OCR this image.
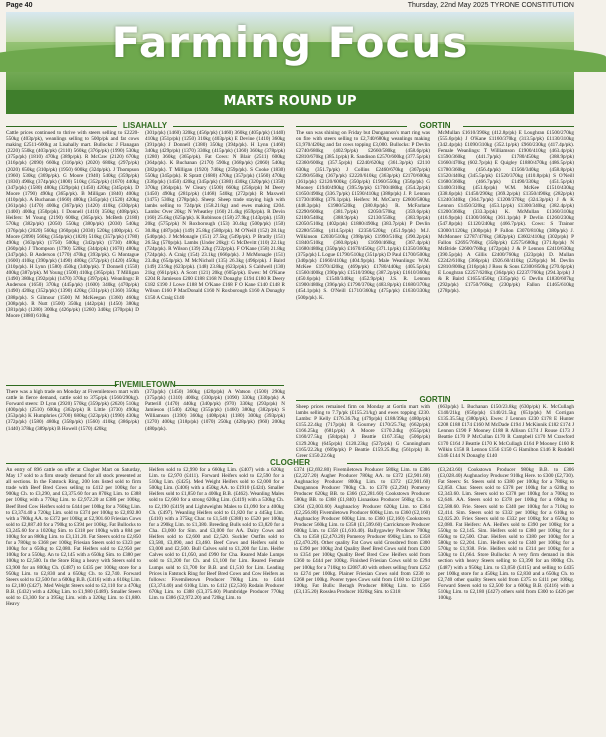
Page 40	Thursday, 22nd May 2025 TYRONE CONSTITUTION
Farming Focus
MARTS ROUND UP
LISAHALLY

Cattle prices continued to thrive with steers selling to £2220-550kg (403p/pk), weanlings selling to 500p/pk and fat cows making £2511-600kg at Lisahally mart. Bullocks: J Flanagan (2220) 550kg (403p/pk) (2110) 560kg (376p/pk) (1990) 530kg (375p/pk) (1810) 470kg (389p/pk). R McCaw (2120) 670kg (316p/pk) (2090) 660kg (316p/pk) (2020) 680kg (297p/pk) (2020) 650kg (310p/pk) (1950) 600kg (324p/pk). J Thompson (1960) 530kg (369p/pk). G Moore (1940) 540kg (359p/pk) (1830) 490kg (374p/pk) (1800) 510kg (352p/pk) (1670) 440kg (347p/pk) (1580) 480kg (329p/pk) (1450) 420kg (345p/pk). D Moore (1790) 490kg (365p/pk). B Milligan (1840) 400kg (410p/pk). A Buchanan (1660) 480kg (345p/pk) (1520) 420kg (361p/pk) (1470) 400kg (367p/pk) (1420) 410kg (330p/pk) (1400) 400kg (350p/pk). I Donnell (1410) 350kg (408p/pk). Heifers: M Young (2190) 600kg (365p/pk). McBeth (2180) 570kg (382p/pk) (2050) 550kg (380p/pk) (2030) 540kg (376p/pk) (2020) 560kg (360p/pk) (2030) 520kg (400p/pk). G Moore (2090) 560kg (354p/pk) (1820) 510kg (357p/pk) (1780) 490kg (363p/pk) (1750) 500kg (342p/pk) (1730) 480kg (360p/pk) J Thompson (1790) 520kg (344p/pk) (1670) 480kg (347p/pk). B Anderson (1770) 470kg (393p/pk). G Montague (1600) 410kg (390p/pk) (1490) 480kg (372p/pk) (1420) 450kg (310p/pk). H Lynn (1580) 450kg (340p/pk). T Donnell (1550) 400kg (387p/pk). M Young (1500) 410kg (365p/pk). T Milligan (1490) 380kg (392p/pk) (1470) 370kg (397p/pk). Weanlings: B Anderson (1650) 370kg (445p/pk) (1600) 340kg (470p/pk) (1490) 420kg (352p/pk) (1390) 420kg (331p/pk) (1360) 350kg (388p/pk). S Gilmour (1500) M McKeegan (1360) 460kg (308p/pk). R Nutt (1500) 350kg (442p/pk) (1450) 380kg (381p/pk) (1280) 300kg (426p/pk) (1260) 340kg (370p/pk) D Moore (1880) 610kg

(301p/pk) (1460) 320kg (456p/pk) (1460) 360kg (405p/pk) (1440) 410kg (351p/pk) (1250) 310kg (403p/pk) E Devine (1410) 360kg (391p/pk) J Donnell (1380) 350kg (394p/pk). H Lynn (1460) 340kg (429p/pk) (1370) 330kg (415p/pk) (1360) 360kg (378p/pk) (1280) 360kg (365p/pk). Fat Cows: N Blair (2511) 600kg (364p/pk). K Buchanan (2170) 590kg (368p/pk) (2060) 540kg (382p/pk). T Milligan (1920) 740kg (259p/pk). S Cooke (1830) 550kg (345p/pk). R Spratt (1680) 470kg (357p/pk) (1560) 470kg (336p/pk) (1450) 420kg (345p/pk) (1380) 430kg (320p/pk) (1350) 370kg (364p/pk). W Cleary (1500) 660kg (256p/pk) M Deery (1450) 490kg (281p/pk) (1468) 540kg (272p/pk) R Maxwell (1475) 530kg (278p/pk). Sheep: Sheep trade staying high with lambs selling to 724p/pk (158.21/kg) and ewes making £204. Lambs: Over 20kg: N Wheatley (160) 21.4kg (659p/pk). R Devin (160) 25.6kg (625p/pk). K Robinson (158) 27.9kg (143p/pk). (159) 20kg (575p/pk) N Roxborough (153) 30.4kg (500p/pk) (150) 30.8kg (487p/pk) (149) 25.8kg (580p/pk). M O'Neill (152) 28.1kg (540p/pk). J McMonagle (151) 27.5kg (549p/pk). P Bradly (151) 26.5kg (570p/pk). Lambs (Under 20kg): G McDevitt (110) 22.1kg (724p/pk). R Wilson (139) 22kg (722p/pk). F O'Kane (158) 21.8kg (724p/pk). A Craig (154) 23.1kg (666p/pk). J McMonagle (151) 23.4kg (654p/pk). M McNicholl (135) 26.3kg (496p/pk). J Baird (149) 23.9kg (623p/pk). (148) 23.8kg (623p/pk). S Caldwell (130) 21kg (661p/pk). A Scott (121) 20kg (605p/pk). Ewes: M O'Kane £204 R Jamieson £200 £188 £168 N Donaghy £194 £180 R Deery £182 £190 J Lowe £188 M O'Kane £168 F O Kane £140 £148 R Wilson £160 P MacDonald £160 N Roxborough £160 A Donaghy £150 A Craig £140

GORTIN

The sun was shining on Friday but Dungannon's mart ring was on fire with steers selling to £2,740/680kg weanlings making £1,970/420kg and fat cows topping £3,000. Bullocks: P Devlin £2740/680kg (402.9p/pk) £2660/580kg (458.6p/pk) £2810/670kg (385.1p/pk) R. Sandison £2570/600kg (377.5p/pk) £2360/600kg (357.5p/pk) £2240/620kg (361.3p/pk) £2110 630kg (351.7p/pk) J Collins £2460/670kg (367p/pk) £2390/650kg (367p/pk) £2220/610kg (363p/pk) £2170/600kg (361p/pk) £2120/600kg (350p/pk) £1960/550kg (356p/pk) G Mooney £1940/490kg (395.9p/pk) £1700/480kg (354.2p/pk) £1650/490kg (336.7p/pk) £1590/410kg (388p/pk) J. P. Lennon £1730/460kg (376.1p/pk). Heifers: M. McCurry £2600/580kg (448.3p/pk) £1980/520kg (380.8p/pk) R. McFarlane £2290/600kg (381.7p/pk) £2050/570kg (359.6p/pk) £2100/540kg (388.9p/pk) £2130/550kg (383.9p/pk) £2050/510kg (402p/pk) £1880/490kg (383.7p/pk) P Devlin £2280/550kg (414.5p/pk) £2350/520kg (451.9p/pk) M.J. Wilkinson £2030/510kg (398p/pk) £1990/510kg (390.2p/pk) £1840/510kg (360.8p/pk) £1690/460kg (367.4p/pk) £1680/480kg (350p/pk) £1670/450kg (371.1p/pk) £1350/360kg (375p/pk) L Logue £1790/510kg (351p/pk) D Paul £1700/500kg (340p/pk) £1660/410kg (404.9p/pk). Male Weanlings: W.M. McKee £1970/420kg (469p/pk) £1780/440kg (405.5p/pk) £1560/400kg (390p/pk) £1510/390kg (387.2p/pk) £1610/360kg (450.6p/pk) £1540/340kg (452.9p/pk) J.S. R. Lennon £1900/480kg (396p/pk) £1790/370kg (483.8p/pk) £1680/370kg (454.1p/pk) S. O'Neill £1710/360kg (475p/pk) £1630/330kg (500p/pk). K.

McMullan £1610/390kg (412.8p/pk) E Loughran £1500/270kg (555.6p/pk) J O'Kane £1160/370kg (313.5p/pk) £1130/310kg (342.4p/pk) £1090/310kg (352.1p/pk) £960/230kg (417.4p/pk). Female Weanlings: T Williamson £1900/410kg (463.4p/pk) £1590/360kg (441.7p/pk) £1780/450kg (388.9p/pk) £1660/470kg (602.7p/pk) E Quigley £1880/470kg (486.5p/pk) £1780/360kg (456.4p/pk) £1560/340kg (458.8p/pk) £1520/440kg (345.5p/pk) £1520/370kg (410.8p/pk) S O'Neill £1680/360kg (466.7p/pk) £1490/330kg (451.5p/pk) £1400/310kg (451.6p/pk) W.M. McKee £1510/430kg (338.6p/pk) £1450/290kg (369.2p/pk) £1350/490kg (282p/pk) £1240/340kg (364.7p/pk) £1200/370kg (324.3p/pk) J & K Lennon £1450/320kg (453.1p/pk) £1300/340kg (382.4p/pk) £1200/360kg (333.3p/pk) K. McMullan £1360/310kg (416.9p/pk) £1300/360kg (361.1p/pk) P Devlin £1260/230kg (547.8p/pk) £1120/240kg (466.7p/pk). Cows: S Trainor £3000/1120kg (300p/pk) P Fallon £3070/810kg (380p/pk) J. McMonner £2787/470kg (382p/pk) £3602/410kg (302p/pk) P Fallon £2695/760kg (358p/pk) £2575/680kg (371.8p/pk) N McBride £2600/760kg (472p/pk) J & P Lennon £2410/630kg (390.5p/pk) A Gillis £2400/760kg (323p/pk) D. Mullan £2242/610kg (366p/pk) £926.60/410kg (226p/pk) M. Devlin £2810/800kg (316p/pk) J Ross & Sons £2300/850kg (270.6p/pk) E Loughran £2257/620kg (364p/pk) £2237/760kg (294.3p/pk) J & R Baird £1655/450kg (335p/pk) G Devlin £1830/607kg (292p/pk) £1750/760kg (230p/pk) Fallon £1465/610kg (278p/pk).

FIVEMILETOWN

There was a high trade on Monday at Fivemiletown mart with cattle in fierce demand, cattle sold to 375p/pk (1560/290kg). Forward steers: D Lynn (2920) 570kg (359p/pk) (2620) 510kg (400p/pk) (2510) 600kg (362p/pk) R Little (3730) 490kg (353p/pk) K Humphries (2700) 680kg (323p/pk) (1990) 430kg (372p/pk) (1580) 480kg (358p/pk) (1560) 410kg (386p/pk) (1440) 378kg (389p/pk) B Howell (1570) 420kg

(373p/pk) (1450) 360kg (420p/pk) A Watson (1500) 290kg (375p/pk) (1310) 400kg (330p/pk) (1090) 330kg (330p/pk) A Patterill (1470) 440kg (340p/pk) (970) 330kg (293p/pk) N Jamieson (1540) 420kg (355p/pk) (1460) 380kg (382p/pk) S Williamson (1390) 360kg (408p/pk) (1180) 300kg (393p/pk) (1270) 400kg (318p/pk) (1070) 250kg (428p/pk) (960) 200kg (480p/pk).

GORTIN

Sheep prices remained firm on Monday at Gortin mart with lambs selling to 7.7p/pk (£155.21/kg) and ewes topping £230. Lambs: P Kelly £176.36.7kg (479p/pk) £188/39kg (480p/pk) £155.22.4kg (717p/pk) R Gourney £170/25.7kg (662p/pk) £166.25kg (681p/pk) A Moore £170.24kg (655p/pk) £160/27.5kg (584p/pk) J Beattie £167.35kg (506p/pk) £129.20kg (645p/pk) £120.23kg (527p/pk) G Cunningham £165/22.2kg (669p/pk) P Beattie £159.25.8kg (561p/pk) B. Greer £150.22.6kg

(663p/pk) L Buchanan £150/23.8kg (630p/pk) K. McCullagh £140/21kg (656p/pk) £140/21.5kg (651p/pk) M Corrigan £135.35.5kg (380p/pk). Ewes: J Lennon £230 £178 E Hunter £208 £188 £174 £160 M McDade £194 J McKinnik £182 £174 J Lennon £190 F Mooney £188 R Allison £174 J Rouse £173 J Beattie £170 P McCullan £170 R Campbell £170 M Crawford £170 £164 J Beattie £170 K McCullagh £164 P Mooney £160 R Wilkin £158 R Lennon £156 £150 G Hamilton £146 R Ruddell £146 £144 N Donaghy £140

CLOGHER

An entry of 896 cattle on offer at Clogher Mart on Saturday, May 17 sold to a firm steady demand for all stock presented at all sections. In the Fatstock Ring, 200 lots listed sold to firm trade with Beef Bred Cows selling to £412 per 100kg for a 900kg Ch. to £3,290, and £3,375.60 for an 870kg Lim. to £388 per 100kg with a 770kg Lim. to £2,972.20 at £386 per 100kg. Beef Bred Cow Heifers sold to £444 per 100kg for a 760kg Lim. to £3,374.40 a 720kg Lim. sold to £374 per 100kg to £2,692.80 with a 780kg AA. to £372 per 100kg at £2,901.60 Friesian Cows sold to £2,887.40 for a 790kg to £394 per 100kg. Fat Bullocks to £3,245.60 for a 1020kg Sim. to £318 per 100kg with a 884 per 100kg for an 880kg Lim. to £3,131.20. Fat Steers sold to £2,850 for a 780kg to £368 per 100kg Friesian Steers sold to £323 per 100kg for a 650kg to £2,080. Fat Heifers sold to £2,950 per 100kg for a 550kg. An to £2,145 with a 650kg Sim. to £380 per 100kg to £2,500. In the Store Ring a heavy with Steers sold to £3,900 for an 800kg Ch. (£487) to £435 per 100kg store for a 950kg Lim. to £2,830 and a 650kg Ch. to £2,740. Forward Steers sold to £2,500 for a 600kg B.B. (£416) with a 610kg Lim. to £2,180 (£427). Med Weight Steers sold to £2,110 for a 470kg B.B. (£432) with a 420kg Lim. to £1,980 (£489). Smaller Steers sold to £3,300 for a 395kg Lim. with a 320kg Lim. to £1,880. Heavy

Heifers sold to £2,990 for a 660kg Lim. (£407) with a 620kg Lim. to £2,970 (£411). Forward Heifers sold to £2,590 for a 510kg Lim. (£425). Med Weight Heifers sold to £2,000 for a 500kg Lim. (£406) with a 450kg AA. to £1910 (£424). Smaller Heifers sold to £1,850 for a 400kg B.B. (£462). Weanling Males sold to £2,660 for a strong 620kg Lim. (£419) with a 530kg Ch. to £2,190 (£419) and Lightweights Males to £1,090 for a 400kg Ch. (£497). Weanling Heifers sold to £1,820 for a 445kg Lim. (£410) with a 375kg Char. to £1,540 (£388) to £520 per 100kg for a 290kg Lim. to £1,380. Breeding Bulls sold to £3,820 for a Cha. £3,000 for Sim. and £3,000 for AA. Dairy Cows and Heifers sold to £2,600 and £2,520. Suckler Outfits sold to £3,580, £3,090, and £3,460. Beef Cows and Heifers sold to £3,000 and £2,500. Bull Calves sold to £1,200 for Lim. Heifer Calves sold to £1,050, and £990 for Cha. Reared Male Lumps sold to £1,200 for Ch. and £1,100 for Lim. Reared Female Lumps sold to £1,700 for B.B. and £1,510 for Lim. Leading Prices in Fatstock Ring for Beef Bred Cows and Cow Heifers as follows: Fivemiletown Producer 760kg Lim. to £444 (£3,374.40) and 610kg Lim. to £412 (£2,536) Rodain Producer 670kg Lim. to £388 (£3,375.60) Plumbridge Producer 770kg Lim. to £386 (£2,972.20) and 720kg Lim. to

£374 (£2,692.80) Fivemiletown Producer 580kg Lim. to £386 (£2,227.20) Augher Producer 780kg AA. to £372 (£2,901.60) Aughnacloy Producer 800kg Lim. to £372 (£2,901.60) Dungannon Producer 780kg Ch. to £370 (£2,294) Pomeroy Producer 620kg BB. to £366 (£2,281.60) Cookstown Producer 580kg BB. to £368 (£1,840) Lisnaskea Producer 560kg Ch. to £364 (£2,003.60) Aughnacloy Producer 620kg Lim. to £364 (£2,256.80) Fivemiletown Producer 600kg Lim. to £360 (£2,160) Aughnacloy Producer 600kg Lim. to £360 (£2,160) Cookstown Producer 560kg Lim. to £358 (£1,599.60) Carrickmore Producer 600kg Lim. to £358 (£1,610.40). Ballygawley Producer 700kg Ch. to £358 (£2,470.20) Pomeroy Producer 690kg Lim. to £358 (£2,470.20). Other quality Fat Cows sold Grossbred from £300 to £390 per 100kg 2nd Quality Beef Bred Cows sold from £320 to £354 per 100kg Quality Beef Bred Cow Heifers sold from £360 to £444 per 100kg. Finished Friesian Cows sold to £294 per 100kg for a 710kg to £2087.40 with others selling from £252 to £274 per 100kg. Plainer Friesian Cows sold from £230 to £268 per 100kg. Poorer types Cows sold from £160 to £210 per 100kg. Fat Bulls: Beragh Producer 880kg Lim. to £356 (£3,135.20) Rosslea Producer 1020kg Sim. to £318

(£3,243.60) Cookstown Producer 980kg B.B. to £306 (£3,028.40) Aughnacloy Producer 910kg Here. to £300 (£2,730). Fat Steers: St. Steers sold to £380 per 100kg for a 780kg to £2,850. Char. Steers sold to £378 per 100kg for a 620kg to £2,343.60. Lim. Steers sold to £378 per 100kg for a 700kg to £2,646. AA. Steers sold to £378 per 100kg for a 690kg to £2,588.60. Frie. Steers sold to £340 per 100kg for a 710kg to £2,414. Sim. Steers sold to £332 per 100kg for a 610kg to £2,025.20. Friex Steers sold to £332 per 100kg for a 650kg to £2,080. Fat Heifers: AA. Heifers sold to £390 per 100kg for a 550kg to £2,145. Sim. Heifers sold to £380 per 100kg for a 650kg to £2,500. Char. Heifers sold to £380 per 100kg for a 580kg to £2,204. Lim. Heifers sold to £340 per 100kg for a 570kg to £1,938. Frie. Heifers sold to £314 per 100kg for a 530kg to £1,664. Store Bullocks: A very firm demand in this section with heavy Steers selling to £3,390 for an 800kg Ch. (£487) with a 950kg Lim. to £3,050 (£415) and selling to £435 per 100kg store for a 450kg Lim. to £2,830 and a 650kg Ch. to £2,740 other quality Steers sold from £375 to £411 per 100kg. Forward Steers sold to £2,500 for a 600kg B.B. (£416) with a 510kg Lim. to £2,180 (£427) others sold from £300 to £426 per 100kg.
